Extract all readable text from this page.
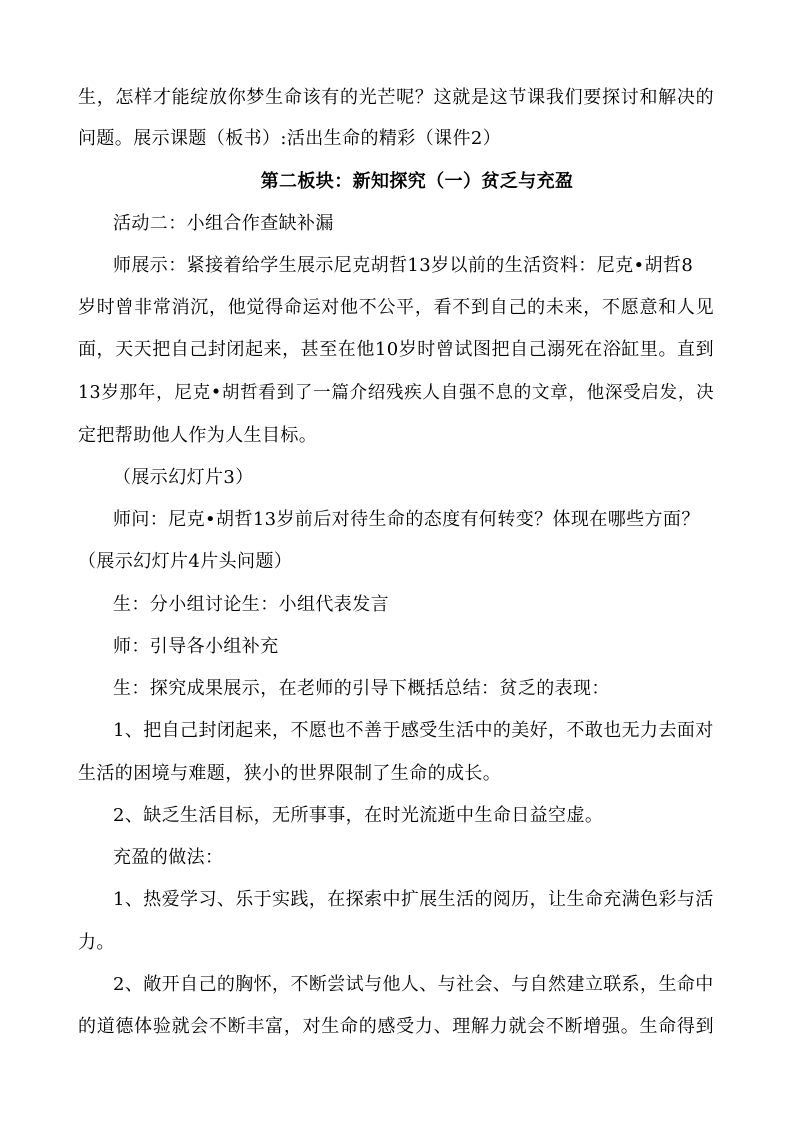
生，怎样才能绽放你梦生命该有的光芒呢？这就是这节课我们要探讨和解决的
问题。展示课题（板书）:活出生命的精彩（课件2）
第二板块：新知探究（一）贫乏与充盈
活动二：小组合作查缺补漏
师展示：紧接着给学生展示尼克胡哲13岁以前的生活资料：尼克•胡哲8
岁时曾非常消沉，他觉得命运对他不公平，看不到自己的未来，不愿意和人见
面，天天把自己封闭起来，甚至在他10岁时曾试图把自己溺死在浴缸里。直到
13岁那年，尼克•胡哲看到了一篇介绍残疾人自强不息的文章，他深受启发，决
定把帮助他人作为人生目标。
（展示幻灯片3）
师问：尼克•胡哲13岁前后对待生命的态度有何转变？体现在哪些方面？
（展示幻灯片4片头问题）
生：分小组讨论生：小组代表发言
师：引导各小组补充
生：探究成果展示，在老师的引导下概括总结：贫乏的表现：
1、把自己封闭起来，不愿也不善于感受生活中的美好，不敢也无力去面对
生活的困境与难题，狭小的世界限制了生命的成长。
2、缺乏生活目标，无所事事，在时光流逝中生命日益空虚。
充盈的做法：
1、热爱学习、乐于实践，在探索中扩展生活的阅历，让生命充满色彩与活
力。
2、敞开自己的胸怀，不断尝试与他人、与社会、与自然建立联系，生命中
的道德体验就会不断丰富，对生命的感受力、理解力就会不断增强。生命得到
